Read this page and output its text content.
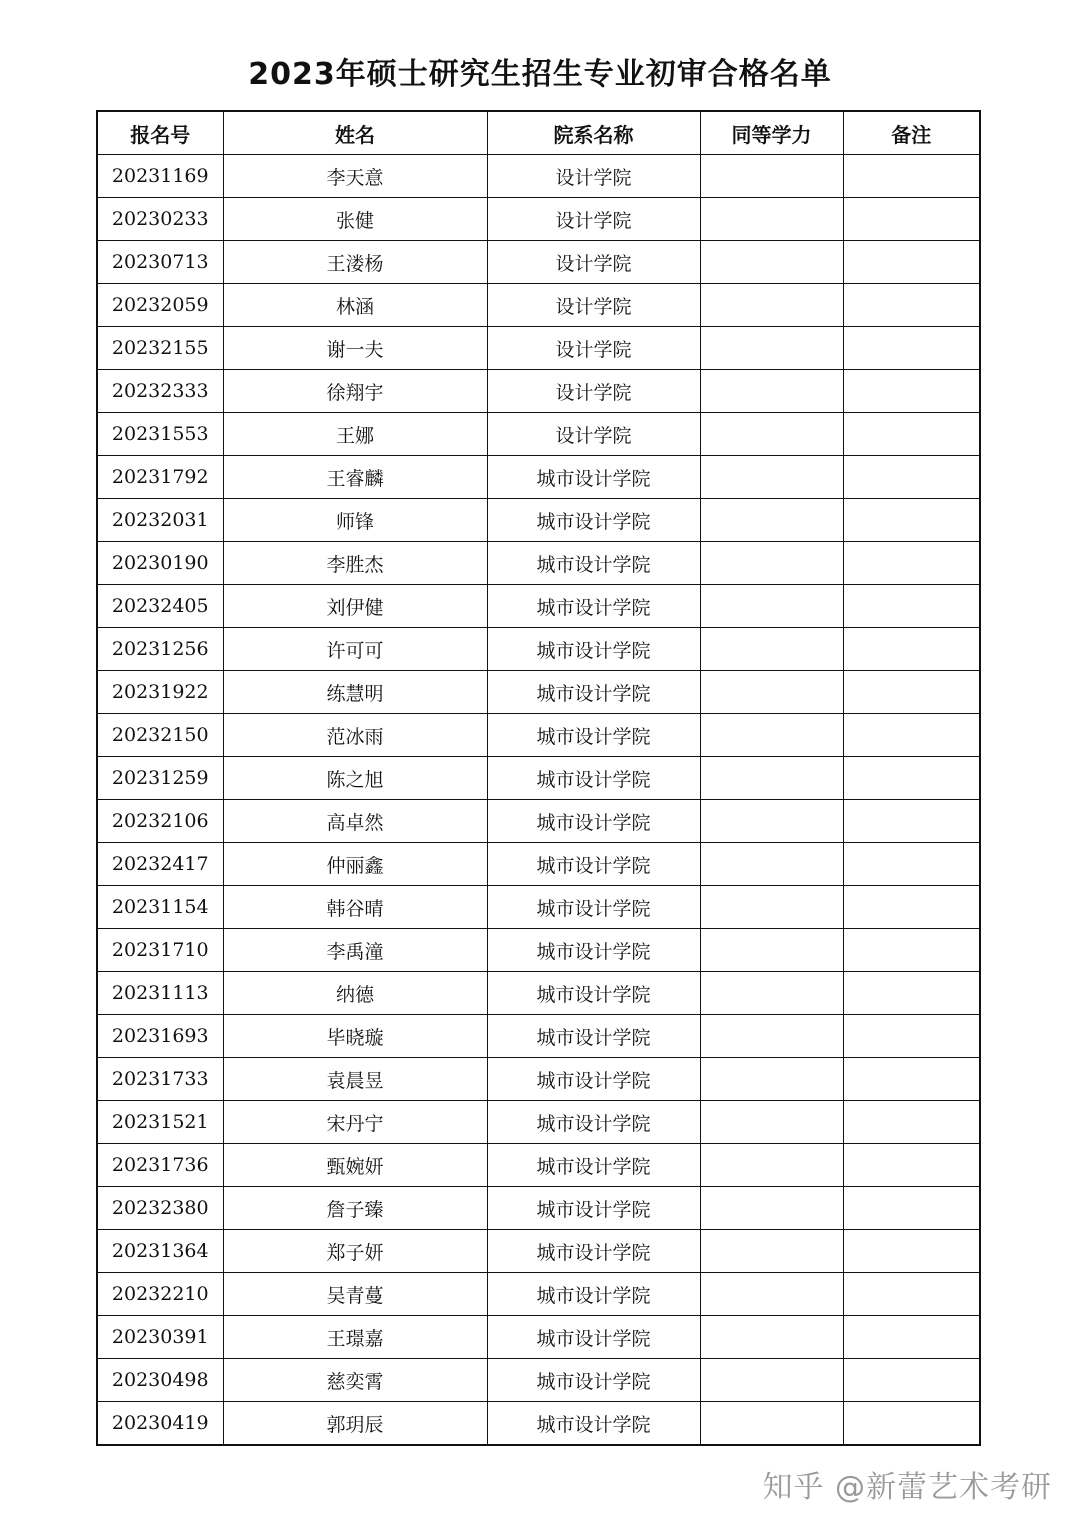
2023年硕士研究生招生专业初审合格名单
报名号	姓名	院系名称	同等学力	备注
20231169	李天意	设计学院		
20230233	张健	设计学院		
20230713	王溇杨	设计学院		
20232059	林涵	设计学院		
20232155	谢一夫	设计学院		
20232333	徐翔宇	设计学院		
20231553	王娜	设计学院		
20231792	王睿麟	城市设计学院		
20232031	师锋	城市设计学院		
20230190	李胜杰	城市设计学院		
20232405	刘伊健	城市设计学院		
20231256	许可可	城市设计学院		
20231922	练慧明	城市设计学院		
20232150	范冰雨	城市设计学院		
20231259	陈之旭	城市设计学院		
20232106	高卓然	城市设计学院		
20232417	仲丽鑫	城市设计学院		
20231154	韩谷晴	城市设计学院		
20231710	李禹潼	城市设计学院		
20231113	纳德	城市设计学院		
20231693	毕晓璇	城市设计学院		
20231733	袁晨昱	城市设计学院		
20231521	宋丹宁	城市设计学院		
20231736	甄婉妍	城市设计学院		
20232380	詹子臻	城市设计学院		
20231364	郑子妍	城市设计学院		
20232210	吴青蔓	城市设计学院		
20230391	王璟嘉	城市设计学院		
20230498	慈奕霄	城市设计学院		
20230419	郭玥辰	城市设计学院		
知乎 @新蕾艺术考研
